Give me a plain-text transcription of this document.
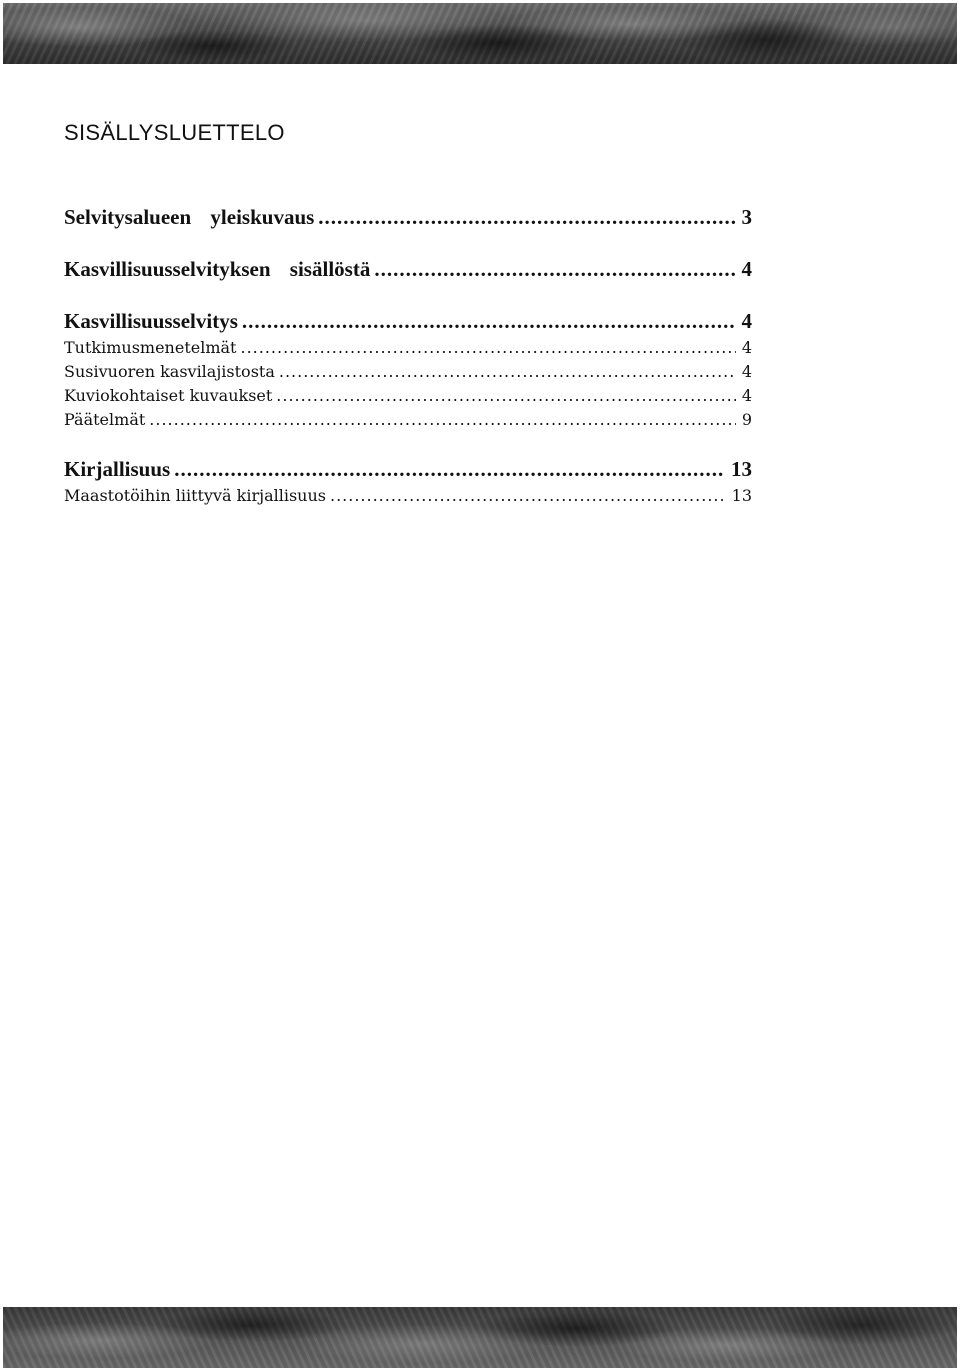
SISÄLLYSLUETTELO
Selvitysalueen yleiskuvaus .....	3
Kasvillisuusselvityksen sisällöstä .....	4
Kasvillisuusselvitys .....	4
Tutkimusmenetelmät .....	4
Susivuoren kasvilajistosta .....	4
Kuviokohtaiset kuvaukset .....	4
Päätelmät .....	9
Kirjallisuus .....	13
Maastotöihin liittyvä kirjallisuus .....	13
